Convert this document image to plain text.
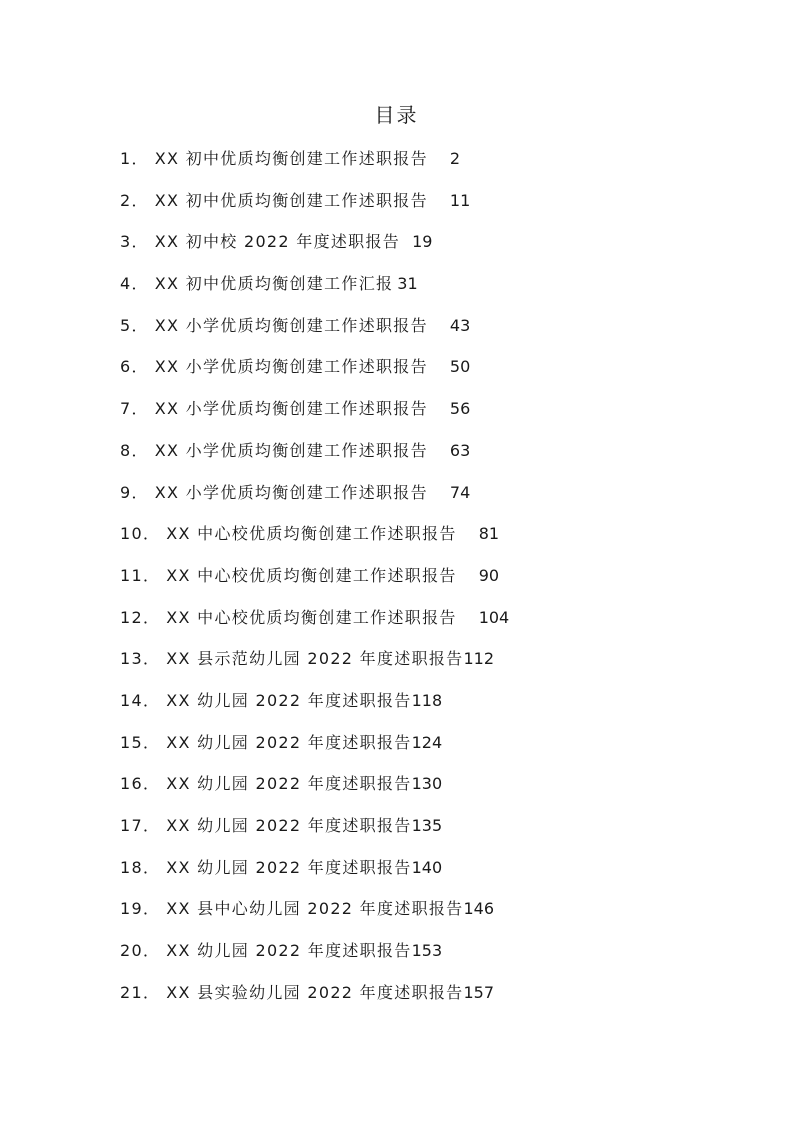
目录
1． XX 初中优质均衡创建工作述职报告 2
2． XX 初中优质均衡创建工作述职报告 11
3． XX 初中校 2022 年度述职报告 19
4． XX 初中优质均衡创建工作汇报 31
5． XX 小学优质均衡创建工作述职报告 43
6． XX 小学优质均衡创建工作述职报告 50
7． XX 小学优质均衡创建工作述职报告 56
8． XX 小学优质均衡创建工作述职报告 63
9． XX 小学优质均衡创建工作述职报告 74
10． XX 中心校优质均衡创建工作述职报告 81
11． XX 中心校优质均衡创建工作述职报告 90
12． XX 中心校优质均衡创建工作述职报告 104
13． XX 县示范幼儿园 2022 年度述职报告112
14． XX 幼儿园 2022 年度述职报告118
15． XX 幼儿园 2022 年度述职报告124
16． XX 幼儿园 2022 年度述职报告130
17． XX 幼儿园 2022 年度述职报告135
18． XX 幼儿园 2022 年度述职报告140
19． XX 县中心幼儿园 2022 年度述职报告146
20． XX 幼儿园 2022 年度述职报告153
21． XX 县实验幼儿园 2022 年度述职报告157
